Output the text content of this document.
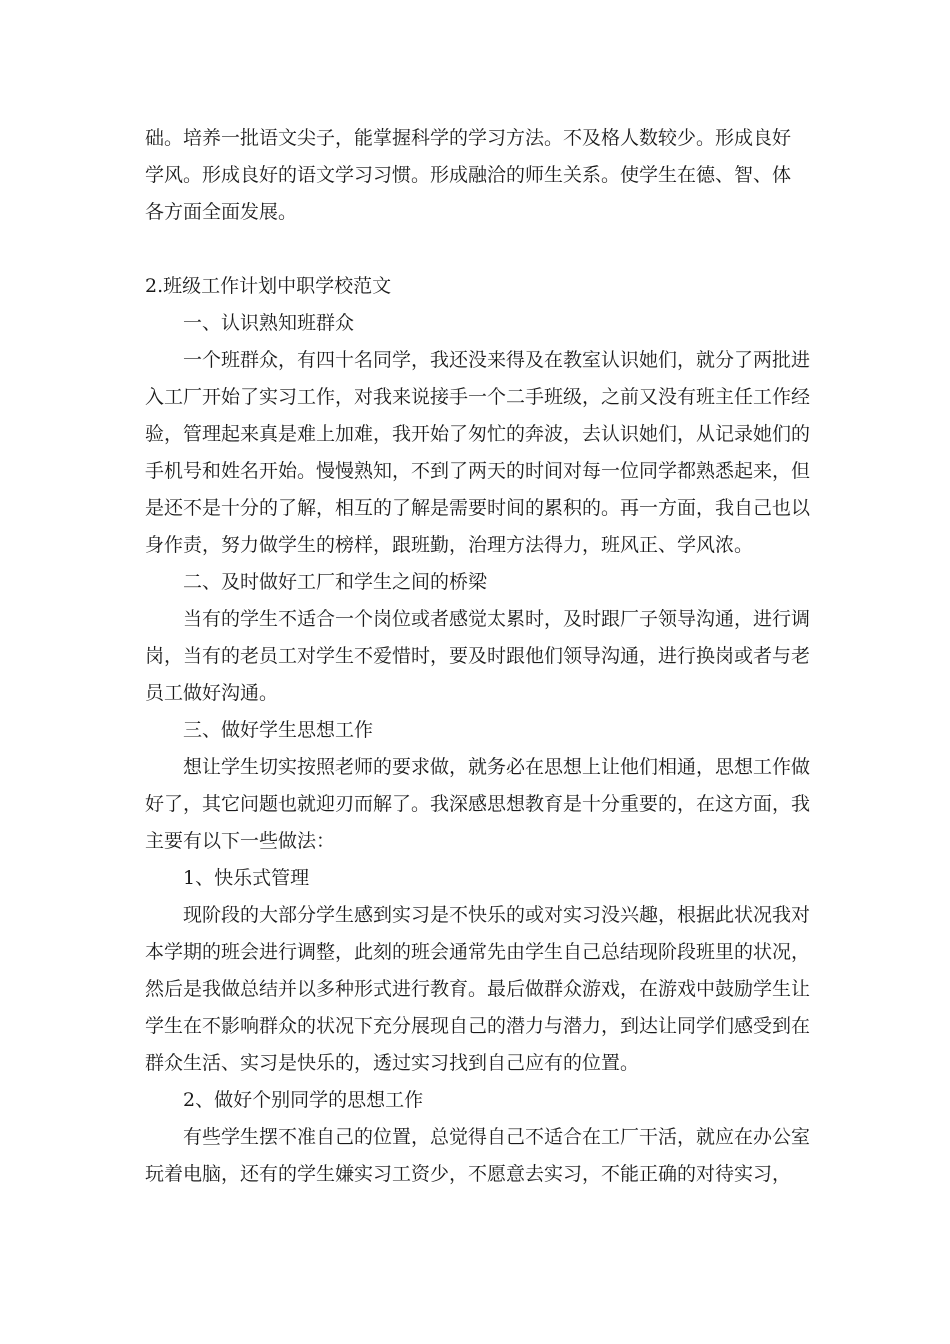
础。培养一批语文尖子，能掌握科学的学习方法。不及格人数较少。形成良好

学风。形成良好的语文学习习惯。形成融洽的师生关系。使学生在德、智、体

各方面全面发展。

2.班级工作计划中职学校范文

一、认识熟知班群众

一个班群众，有四十名同学，我还没来得及在教室认识她们，就分了两批进入工厂开始了实习工作，对我来说接手一个二手班级，之前又没有班主任工作经验，管理起来真是难上加难，我开始了匆忙的奔波，去认识她们，从记录她们的手机号和姓名开始。慢慢熟知，不到了两天的时间对每一位同学都熟悉起来，但是还不是十分的了解，相互的了解是需要时间的累积的。再一方面，我自己也以身作责，努力做学生的榜样，跟班勤，治理方法得力，班风正、学风浓。

二、及时做好工厂和学生之间的桥梁

当有的学生不适合一个岗位或者感觉太累时，及时跟厂子领导沟通，进行调岗，当有的老员工对学生不爱惜时，要及时跟他们领导沟通，进行换岗或者与老员工做好沟通。

三、做好学生思想工作

想让学生切实按照老师的要求做，就务必在思想上让他们相通，思想工作做好了，其它问题也就迎刃而解了。我深感思想教育是十分重要的，在这方面，我主要有以下一些做法：

1、快乐式管理

现阶段的大部分学生感到实习是不快乐的或对实习没兴趣，根据此状况我对本学期的班会进行调整，此刻的班会通常先由学生自己总结现阶段班里的状况，然后是我做总结并以多种形式进行教育。最后做群众游戏，在游戏中鼓励学生让学生在不影响群众的状况下充分展现自己的潜力与潜力，到达让同学们感受到在群众生活、实习是快乐的，透过实习找到自己应有的位置。

2、做好个别同学的思想工作

有些学生摆不准自己的位置，总觉得自己不适合在工厂干活，就应在办公室玩着电脑，还有的学生嫌实习工资少，不愿意去实习，不能正确的对待实习，
